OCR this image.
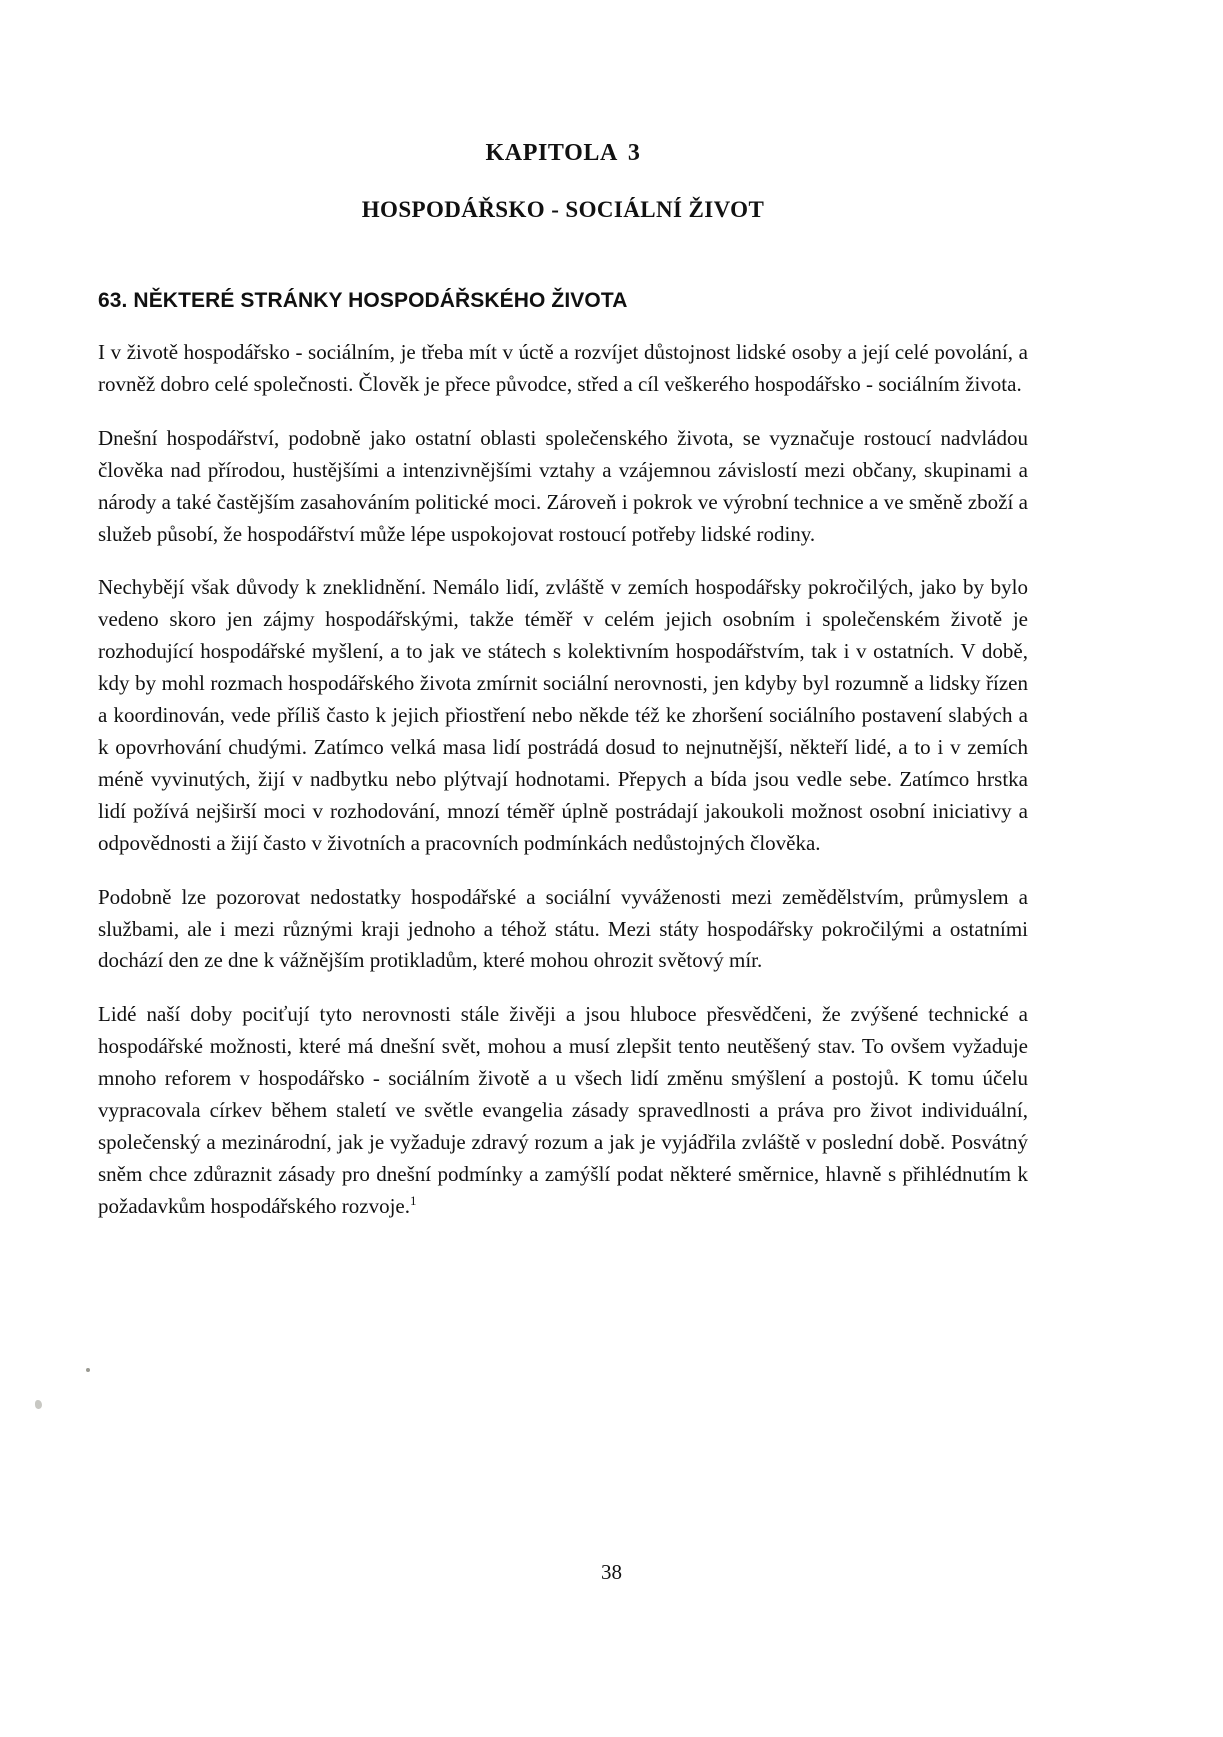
KAPITOLA 3
HOSPODÁŘSKO - SOCIÁLNÍ ŽIVOT
63. NĚKTERÉ STRÁNKY HOSPODÁŘSKÉHO ŽIVOTA

I v životě hospodářsko - sociálním, je třeba mít v úctě a rozvíjet důstojnost lidské osoby a její celé povolání, a rovněž dobro celé společnosti. Člověk je přece původce, střed a cíl veškerého hospodářsko - sociálním života.

Dnešní hospodářství, podobně jako ostatní oblasti společenského života, se vyznačuje rostoucí nadvládou člověka nad přírodou, hustějšími a intenzivnějšími vztahy a vzájemnou závislostí mezi občany, skupinami a národy a také častějším zasahováním politické moci. Zároveň i pokrok ve výrobní technice a ve směně zboží a služeb působí, že hospodářství může lépe uspokojovat rostoucí potřeby lidské rodiny.

Nechybějí však důvody k zneklidnění. Nemálo lidí, zvláště v zemích hospodářsky pokročilých, jako by bylo vedeno skoro jen zájmy hospodářskými, takže téměř v celém jejich osobním i společenském životě je rozhodující hospodářské myšlení, a to jak ve státech s kolektivním hospodářstvím, tak i v ostatních. V době, kdy by mohl rozmach hospodářského života zmírnit sociální nerovnosti, jen kdyby byl rozumně a lidsky řízen a koordinován, vede příliš často k jejich přiostření nebo někde též ke zhoršení sociálního postavení slabých a k opovrhování chudými. Zatímco velká masa lidí postrádá dosud to nejnutnější, někteří lidé, a to i v zemích méně vyvinutých, žijí v nadbytku nebo plýtvají hodnotami. Přepych a bída jsou vedle sebe. Zatímco hrstka lidí požívá nejširší moci v rozhodování, mnozí téměř úplně postrádají jakoukoli možnost osobní iniciativy a odpovědnosti a žijí často v životních a pracovních podmínkách nedůstojných člověka.

Podobně lze pozorovat nedostatky hospodářské a sociální vyváženosti mezi zemědělstvím, průmyslem a službami, ale i mezi různými kraji jednoho a téhož státu. Mezi státy hospodářsky pokročilými a ostatními dochází den ze dne k vážnějším protikladům, které mohou ohrozit světový mír.

Lidé naší doby pociťují tyto nerovnosti stále živěji a jsou hluboce přesvědčeni, že zvýšené technické a hospodářské možnosti, které má dnešní svět, mohou a musí zlepšit tento neutěšený stav. To ovšem vyžaduje mnoho reforem v hospodářsko - sociálním životě a u všech lidí změnu smýšlení a postojů. K tomu účelu vypracovala církev během staletí ve světle evangelia zásady spravedlnosti a práva pro život individuální, společenský a mezinárodní, jak je vyžaduje zdravý rozum a jak je vyjádřila zvláště v poslední době. Posvátný sněm chce zdůraznit zásady pro dnešní podmínky a zamýšlí podat některé směrnice, hlavně s přihlédnutím k požadavkům hospodářského rozvoje.$^1$

38
